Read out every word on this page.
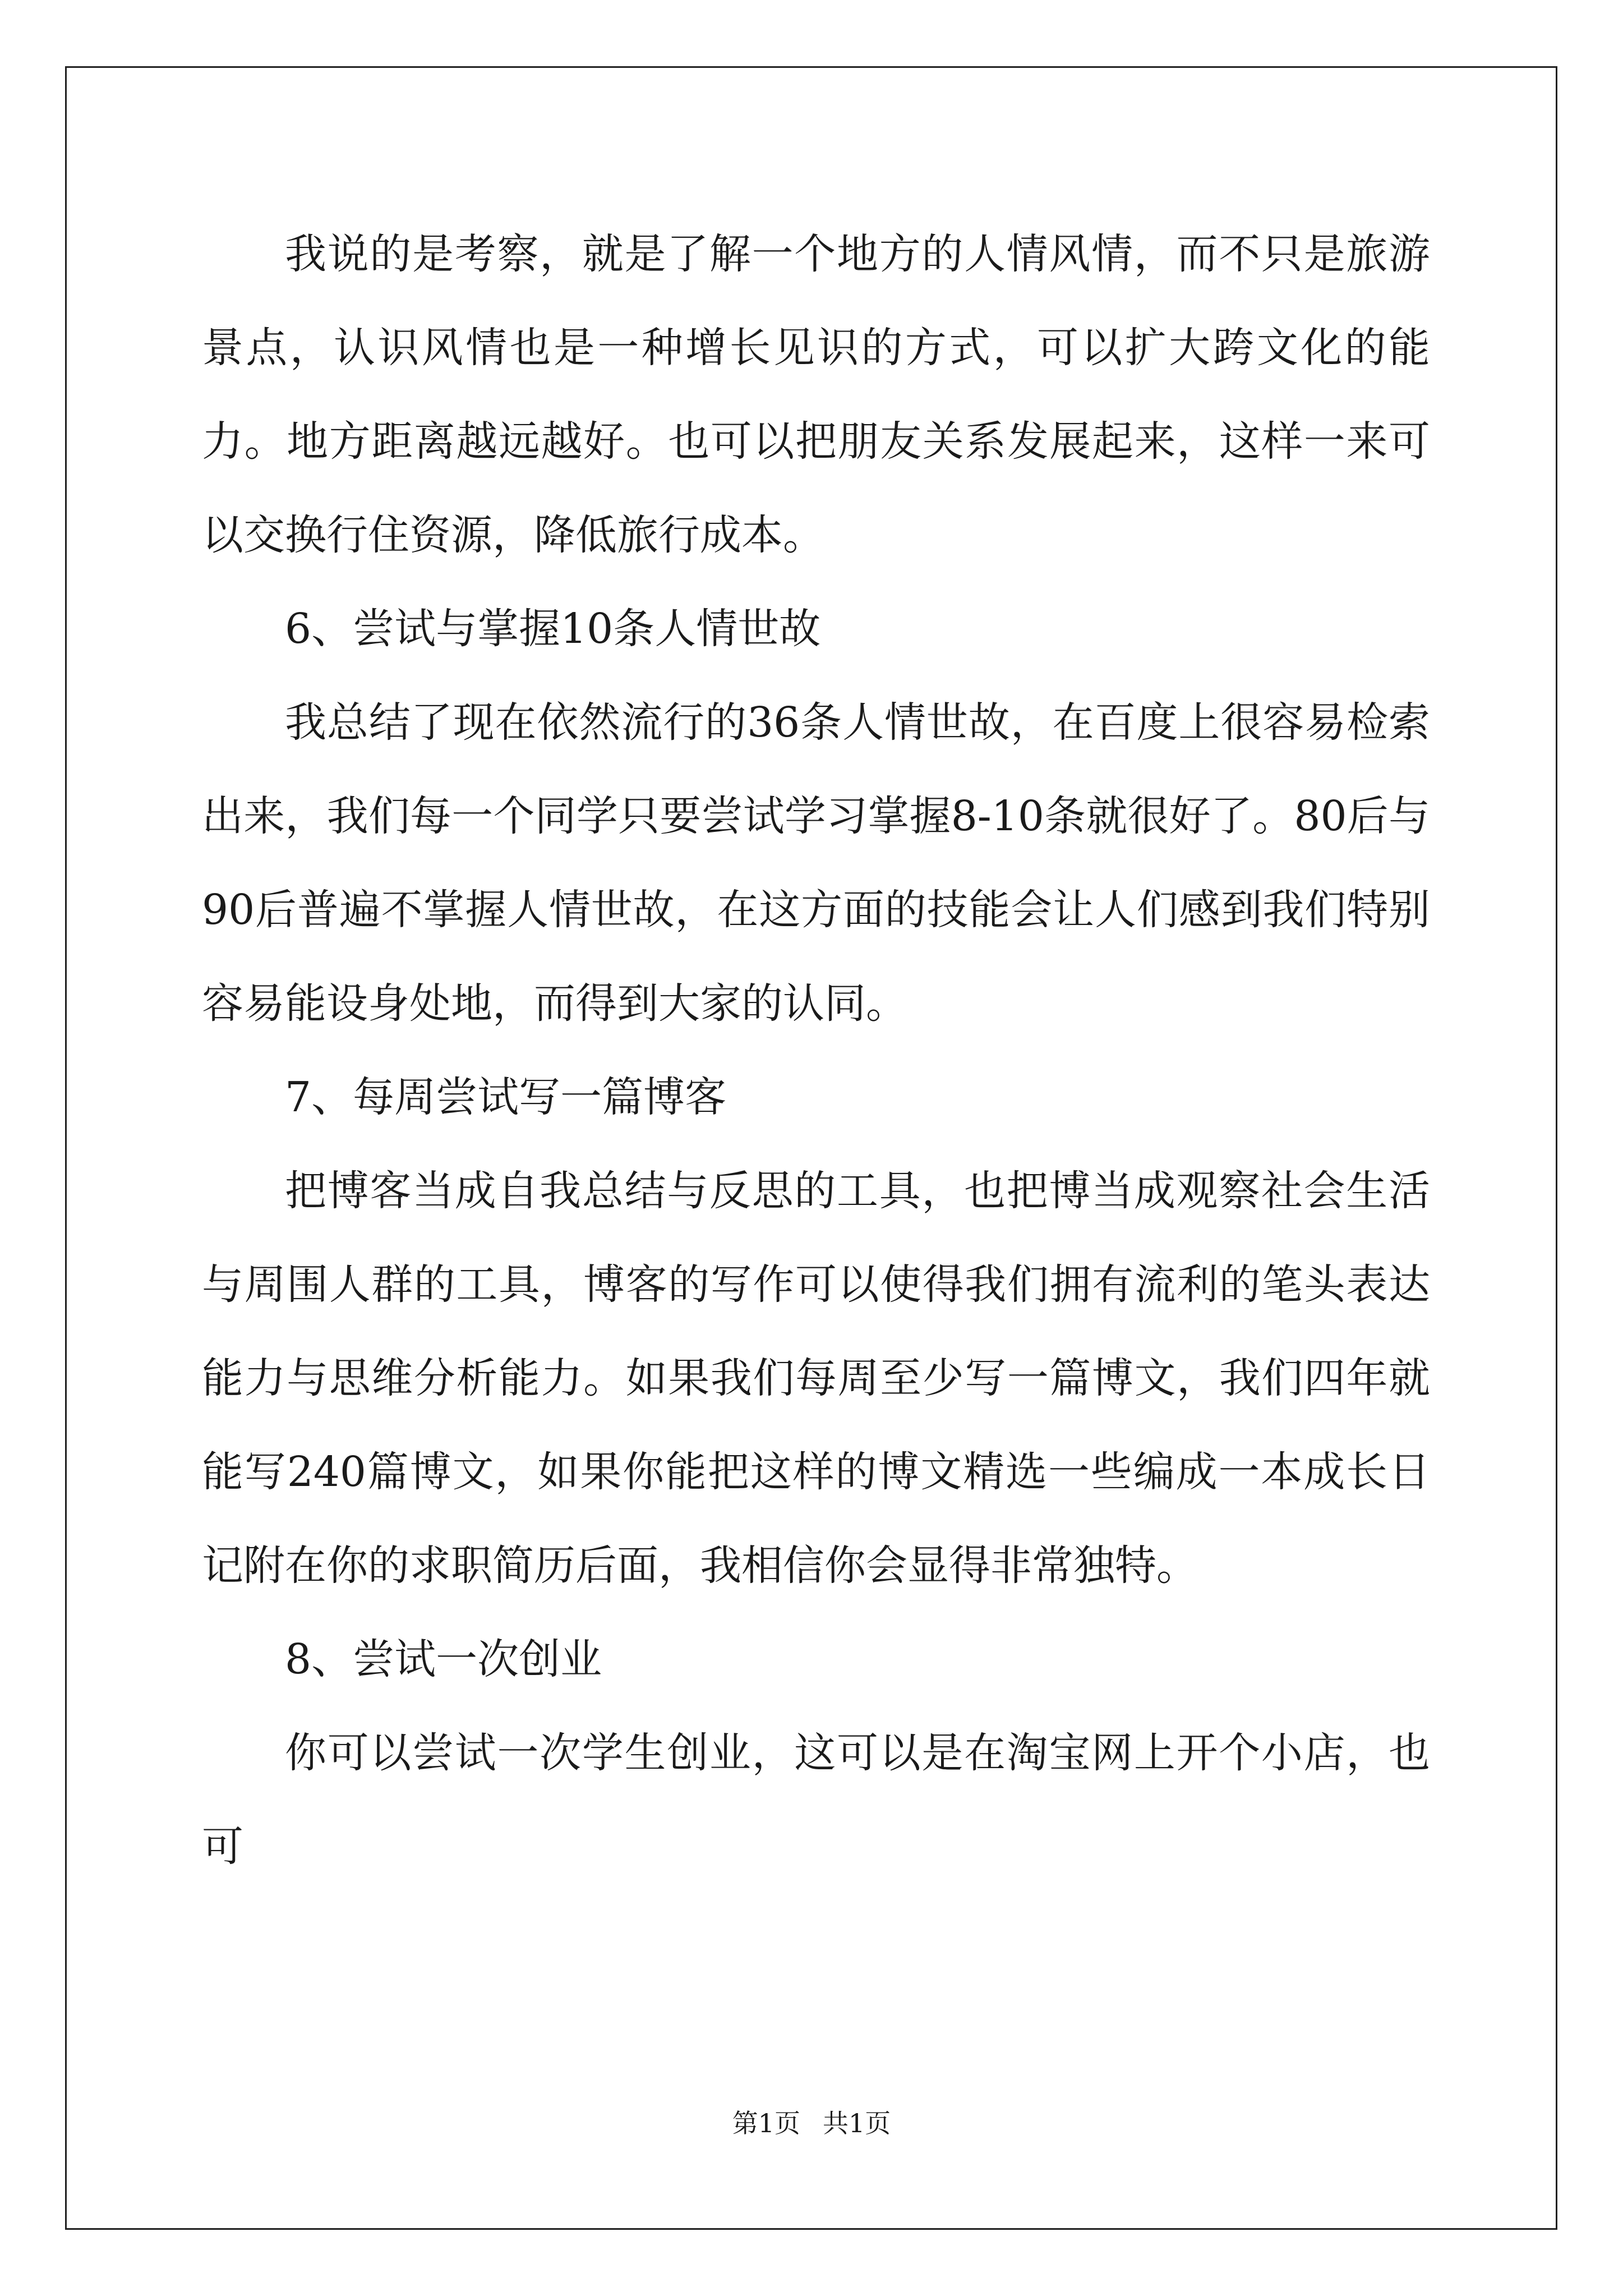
我说的是考察，就是了解一个地方的人情风情，而不只是旅游景点，认识风情也是一种增长见识的方式，可以扩大跨文化的能力。地方距离越远越好。也可以把朋友关系发展起来，这样一来可以交换行住资源，降低旅行成本。

6、尝试与掌握10条人情世故

我总结了现在依然流行的36条人情世故，在百度上很容易检索出来，我们每一个同学只要尝试学习掌握8-10条就很好了。80后与90后普遍不掌握人情世故，在这方面的技能会让人们感到我们特别容易能设身处地，而得到大家的认同。

7、每周尝试写一篇博客

把博客当成自我总结与反思的工具，也把博当成观察社会生活与周围人群的工具，博客的写作可以使得我们拥有流利的笔头表达能力与思维分析能力。如果我们每周至少写一篇博文，我们四年就能写240篇博文，如果你能把这样的博文精选一些编成一本成长日记附在你的求职简历后面，我相信你会显得非常独特。

8、尝试一次创业

你可以尝试一次学生创业，这可以是在淘宝网上开个小店，也可

第1页 共1页
